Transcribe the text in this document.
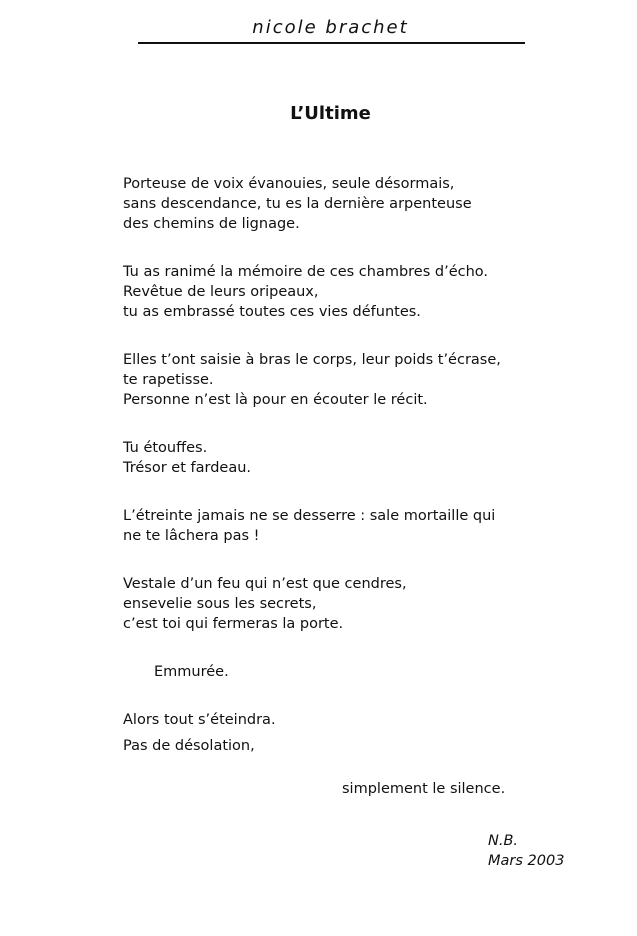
nicole brachet
L’Ultime
Porteuse de voix évanouies, seule désormais,
sans descendance, tu es la dernière arpenteuse
des chemins de lignage.
Tu as ranimé la mémoire de ces chambres d’écho.
Revêtue de leurs oripeaux,
tu as embrassé toutes ces vies défuntes.
Elles t’ont saisie à bras le corps, leur poids t’écrase,
te rapetisse.
Personne n’est là pour en écouter le récit.
Tu étouffes.
Trésor et fardeau.
L’étreinte jamais ne se desserre : sale mortaille qui
ne te lâchera pas !
Vestale d’un feu qui n’est que cendres,
ensevelie sous les secrets,
c’est toi qui fermeras la porte.
Emmurée.
Alors tout s’éteindra.
Pas de désolation,
simplement le silence.
N.B.
Mars 2003
